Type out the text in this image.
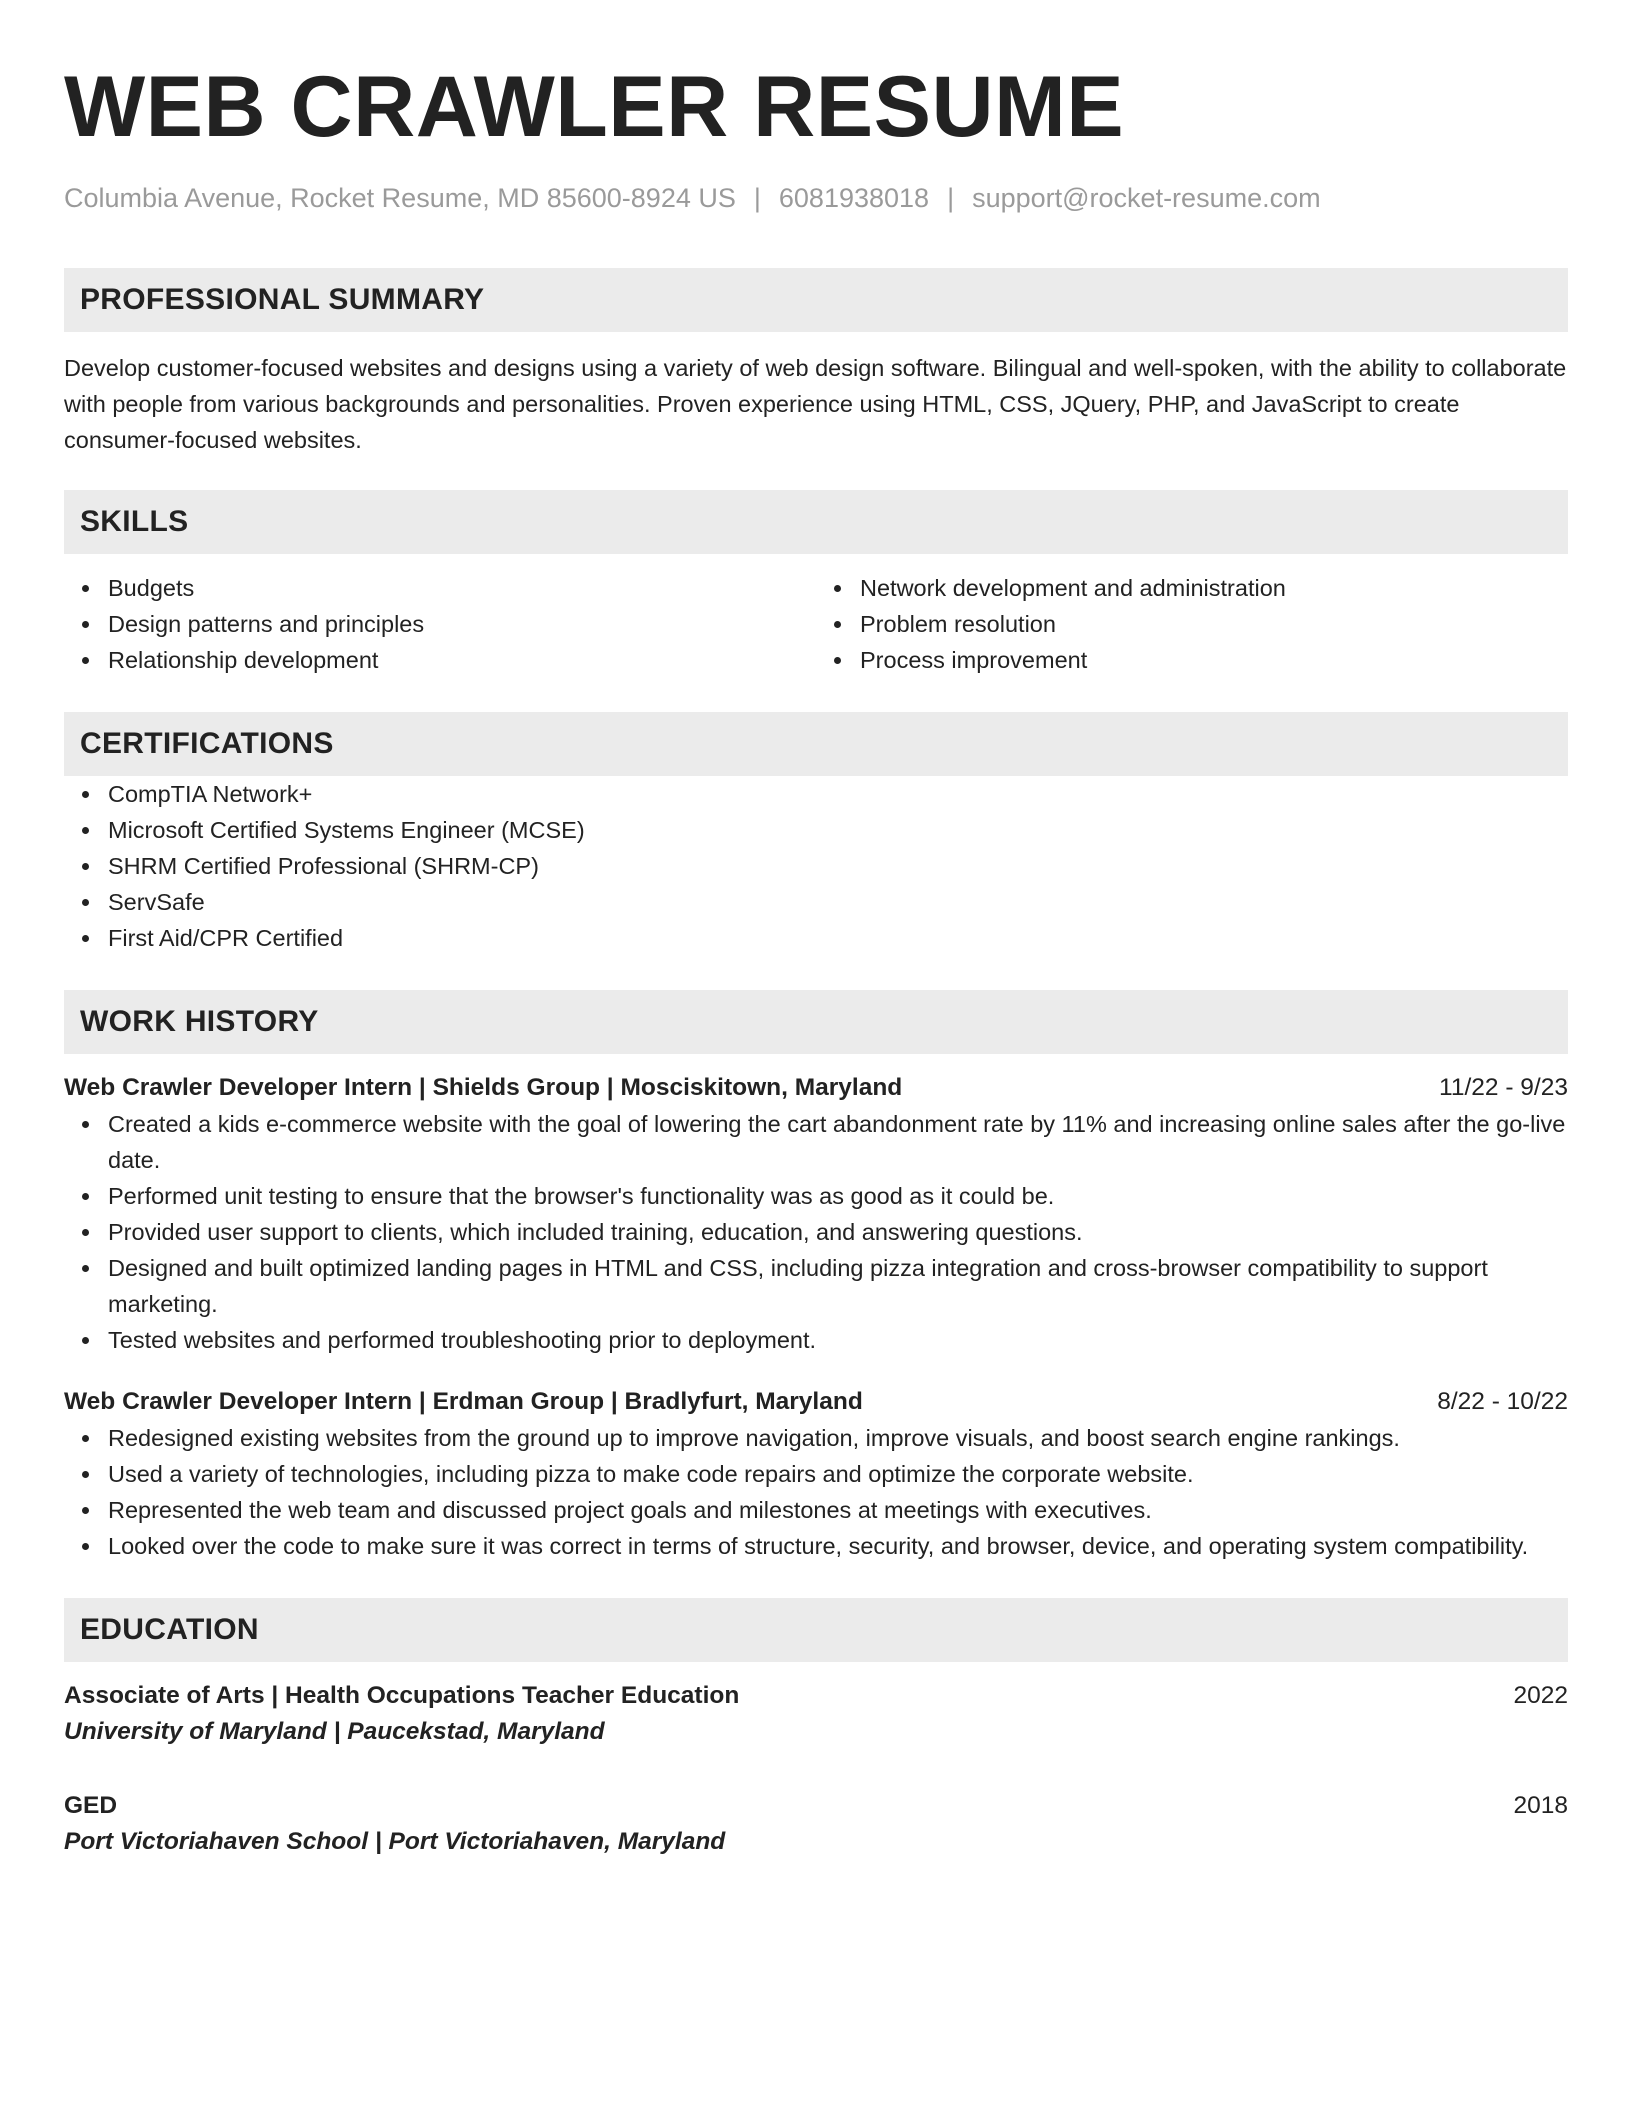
WEB CRAWLER RESUME
Columbia Avenue, Rocket Resume, MD 85600-8924 US | 6081938018 | support@rocket-resume.com
PROFESSIONAL SUMMARY
Develop customer-focused websites and designs using a variety of web design software. Bilingual and well-spoken, with the ability to collaborate with people from various backgrounds and personalities. Proven experience using HTML, CSS, JQuery, PHP, and JavaScript to create consumer-focused websites.
SKILLS
Budgets
Design patterns and principles
Relationship development
Network development and administration
Problem resolution
Process improvement
CERTIFICATIONS
CompTIA Network+
Microsoft Certified Systems Engineer (MCSE)
SHRM Certified Professional (SHRM-CP)
ServSafe
First Aid/CPR Certified
WORK HISTORY
Web Crawler Developer Intern | Shields Group | Mosciskitown, Maryland	11/22 - 9/23
Created a kids e-commerce website with the goal of lowering the cart abandonment rate by 11% and increasing online sales after the go-live date.
Performed unit testing to ensure that the browser's functionality was as good as it could be.
Provided user support to clients, which included training, education, and answering questions.
Designed and built optimized landing pages in HTML and CSS, including pizza integration and cross-browser compatibility to support marketing.
Tested websites and performed troubleshooting prior to deployment.
Web Crawler Developer Intern | Erdman Group | Bradlyfurt, Maryland	8/22 - 10/22
Redesigned existing websites from the ground up to improve navigation, improve visuals, and boost search engine rankings.
Used a variety of technologies, including pizza to make code repairs and optimize the corporate website.
Represented the web team and discussed project goals and milestones at meetings with executives.
Looked over the code to make sure it was correct in terms of structure, security, and browser, device, and operating system compatibility.
EDUCATION
Associate of Arts | Health Occupations Teacher Education	2022
University of Maryland | Paucekstad, Maryland
GED	2018
Port Victoriahaven School | Port Victoriahaven, Maryland
